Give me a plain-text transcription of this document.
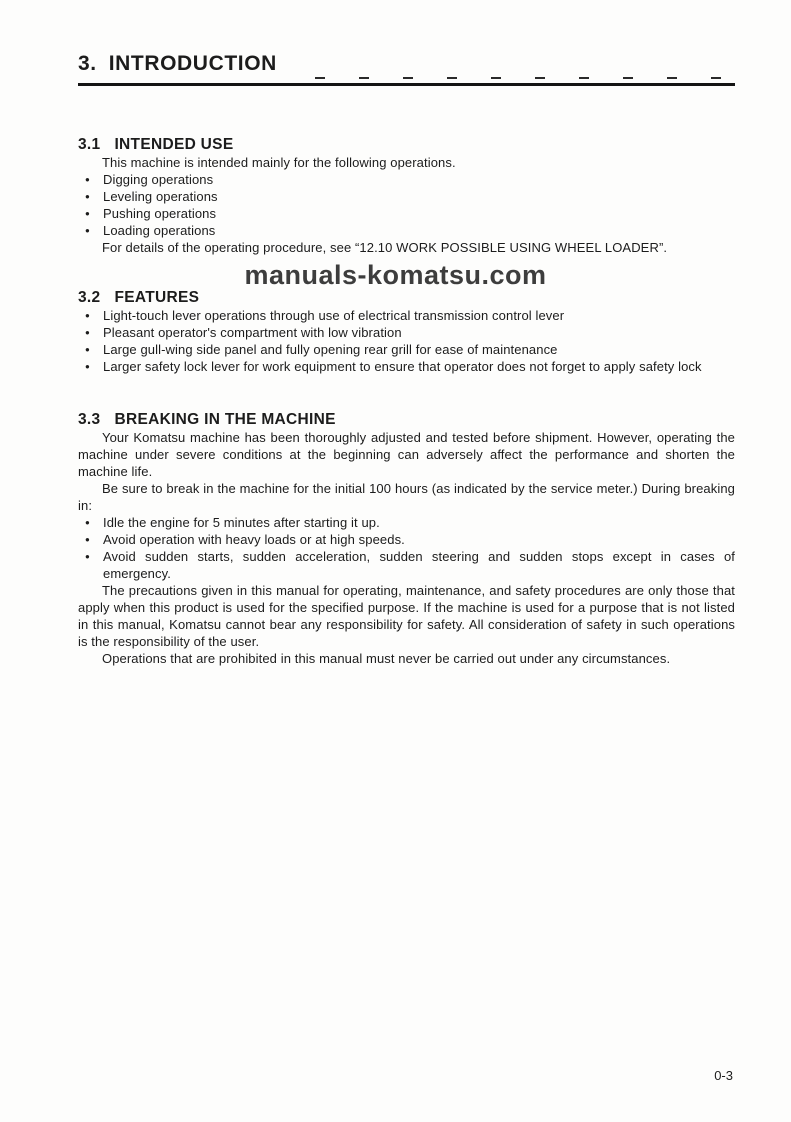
3. INTRODUCTION
3.1 INTENDED USE

This machine is intended mainly for the following operations.

●	Digging operations
●	Leveling operations
●	Pushing operations
●	Loading operations

For details of the operating procedure, see “12.10 WORK POSSIBLE USING WHEEL LOADER”.

manuals-komatsu.com
3.2 FEATURES
●	Light-touch lever operations through use of electrical transmission control lever
●	Pleasant operator's compartment with low vibration
●	Large gull-wing side panel and fully opening rear grill for ease of maintenance
●	Larger safety lock lever for work equipment to ensure that operator does not forget to apply safety lock
3.3 BREAKING IN THE MACHINE

Your Komatsu machine has been thoroughly adjusted and tested before shipment. However, operating the machine under severe conditions at the beginning can adversely affect the performance and shorten the machine life.

Be sure to break in the machine for the initial 100 hours (as indicated by the service meter.) During breaking in:

●	Idle the engine for 5 minutes after starting it up.
●	Avoid operation with heavy loads or at high speeds.
●	Avoid sudden starts, sudden acceleration, sudden steering and sudden stops except in cases of emergency.

The precautions given in this manual for operating, maintenance, and safety procedures are only those that apply when this product is used for the specified purpose. If the machine is used for a purpose that is not listed in this manual, Komatsu cannot bear any responsibility for safety. All consideration of safety in such operations is the responsibility of the user.

Operations that are prohibited in this manual must never be carried out under any circumstances.

0-3
